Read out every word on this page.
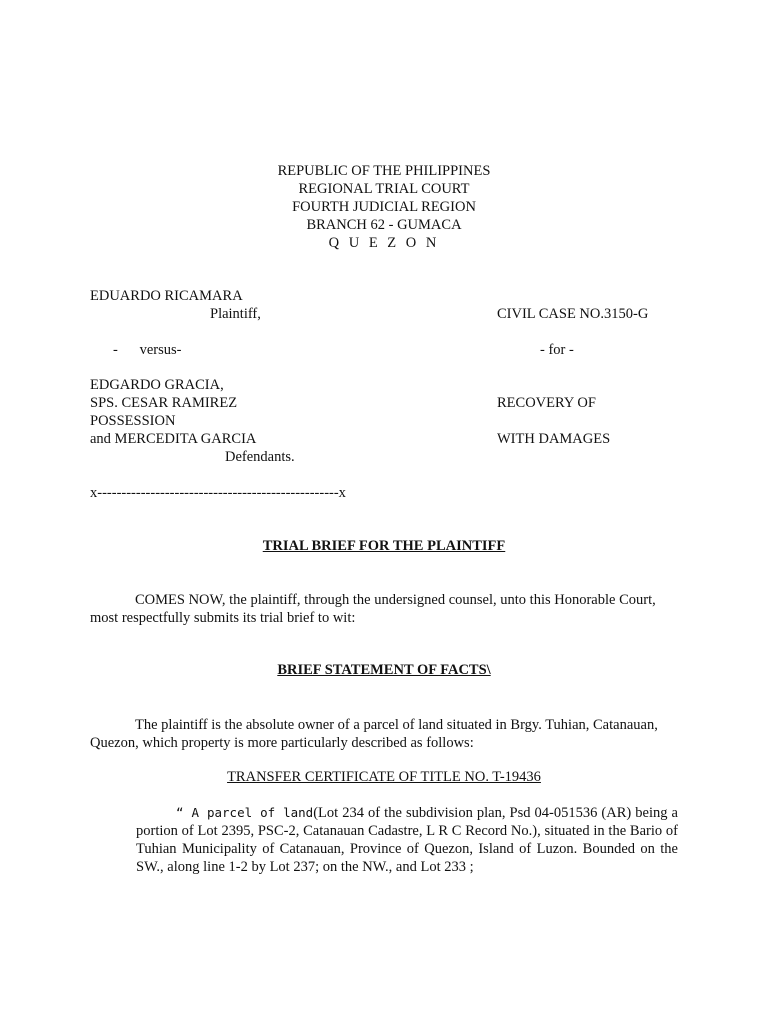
REPUBLIC OF THE PHILIPPINES
REGIONAL TRIAL COURT
FOURTH JUDICIAL REGION
BRANCH 62 - GUMACA
Q U E Z O N
EDUARDO RICAMARA
Plaintiff,	CIVIL CASE NO.3150-G
-      versus-	- for -
EDGARDO GRACIA,
SPS. CESAR RAMIREZ	RECOVERY OF
POSSESSION
and MERCEDITA GARCIA	WITH DAMAGES
Defendants.
x--------------------------------------------------x
TRIAL BRIEF FOR THE PLAINTIFF
COMES NOW, the plaintiff, through the undersigned counsel, unto this Honorable Court, most respectfully submits its trial brief to wit:
BRIEF STATEMENT OF FACTS\
The plaintiff is the absolute owner of a parcel of land situated in Brgy. Tuhian, Catanauan, Quezon, which property is more particularly described as follows:
TRANSFER CERTIFICATE OF TITLE NO. T-19436
“ A parcel of land(Lot 234 of the subdivision plan, Psd 04-051536 (AR) being a portion of Lot 2395, PSC-2, Catanauan Cadastre, L R C Record No.), situated in the Bario of Tuhian Municipality of Catanauan, Province of Quezon, Island of Luzon. Bounded on the SW., along line 1-2 by Lot 237; on the NW., and Lot 233 ;
